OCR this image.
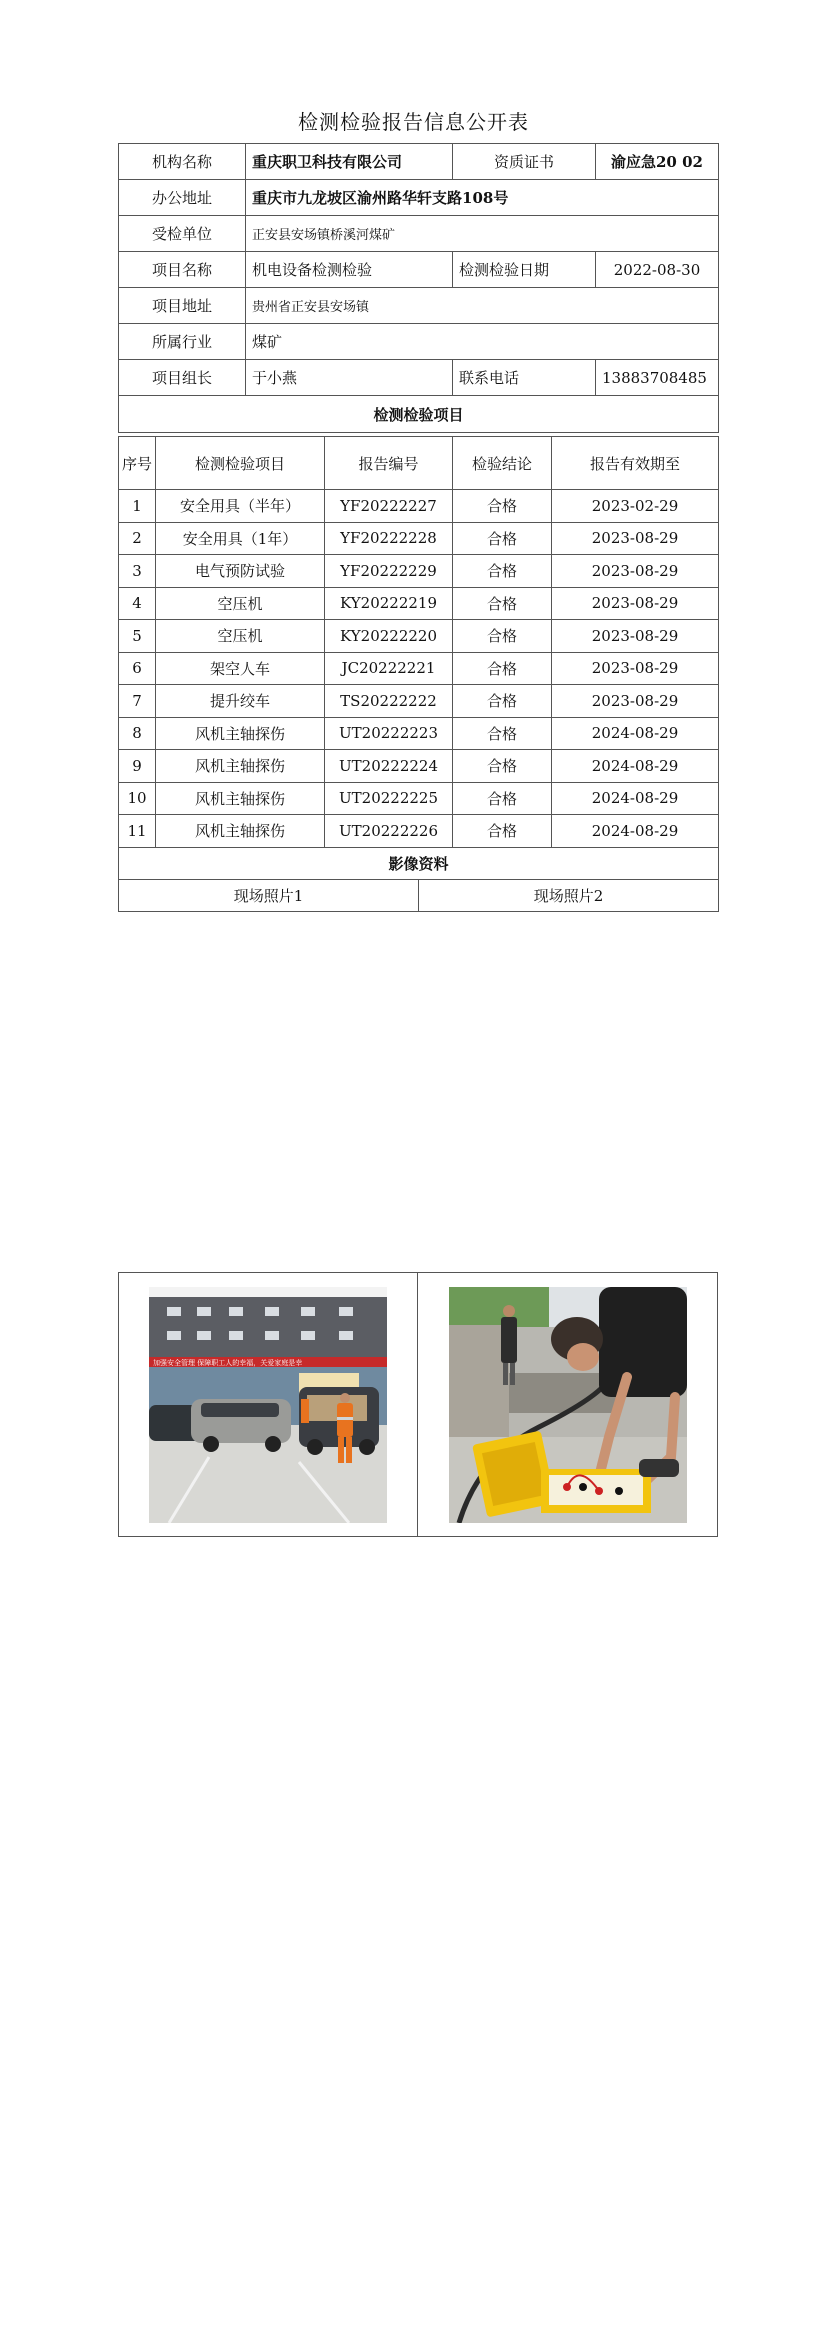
检测检验报告信息公开表
机构名称	重庆职卫科技有限公司	资质证书	渝应急20 02
办公地址	重庆市九龙坡区渝州路华轩支路108号		
受检单位	正安县安场镇桥溪河煤矿		
项目名称	机电设备检测检验	检测检验日期	2022-08-30
项目地址	贵州省正安县安场镇		
所属行业	煤矿		
项目组长	于小燕	联系电话	13883708485
检测检验项目			
序号	检测检验项目	报告编号	检验结论	报告有效期至
1	安全用具（半年）	YF20222227	合格	2023-02-29
2	安全用具（1年）	YF20222228	合格	2023-08-29
3	电气预防试验	YF20222229	合格	2023-08-29
4	空压机	KY20222219	合格	2023-08-29
5	空压机	KY20222220	合格	2023-08-29
6	架空人车	JC20222221	合格	2023-08-29
7	提升绞车	TS20222222	合格	2023-08-29
8	风机主轴探伤	UT20222223	合格	2024-08-29
9	风机主轴探伤	UT20222224	合格	2024-08-29
10	风机主轴探伤	UT20222225	合格	2024-08-29
11	风机主轴探伤	UT20222226	合格	2024-08-29
影像资料
现场照片1	现场照片2
加强安全管理 保障职工人的幸福，关爱家庭是幸
